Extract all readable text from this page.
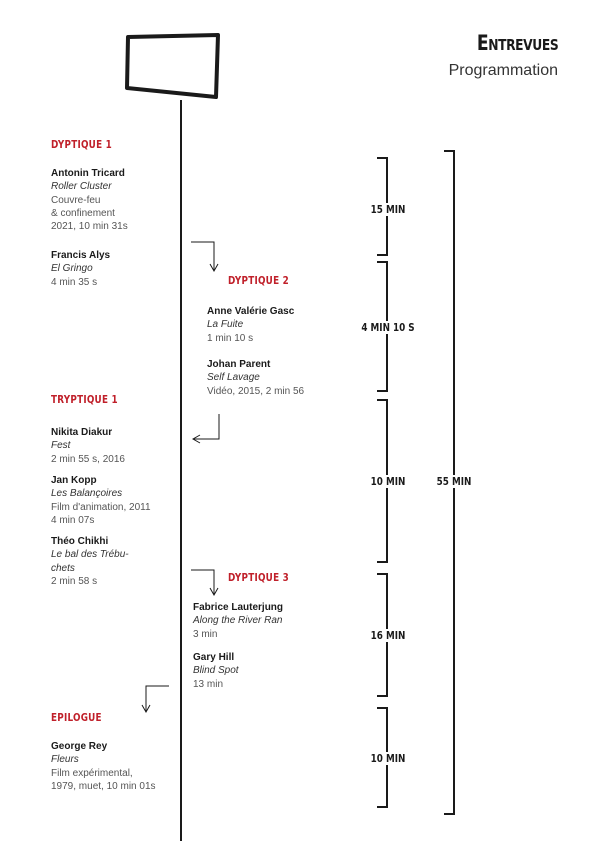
Entrevues
Programmation
DYPTIQUE 1
Antonin Tricard
Roller Cluster
Couvre-feu
& confinement
2021, 10 min 31s
Francis Alys
El Gringo
4 min 35 s	DYPTIQUE 2
Anne Valérie Gasc
La Fuite
1 min 10 s
Johan Parent
Self Lavage
Vidéo, 2015, 2 min 56
TRYPTIQUE 1
Nikita Diakur
Fest
2 min 55 s, 2016
Jan Kopp
Les Balançoires
Film d'animation, 2011
4 min 07s
Théo Chikhi
Le bal des Trébu-
chets
2 min 58 s	DYPTIQUE 3
Fabrice Lauterjung
Along the River Ran
3 min
Gary Hill
Blind Spot
13 min
EPILOGUE
George Rey
Fleurs
Film expérimental,
1979, muet, 10 min 01s
15 MIN
4 MIN 10 S
10 MIN
16 MIN
10 MIN
55 MIN
